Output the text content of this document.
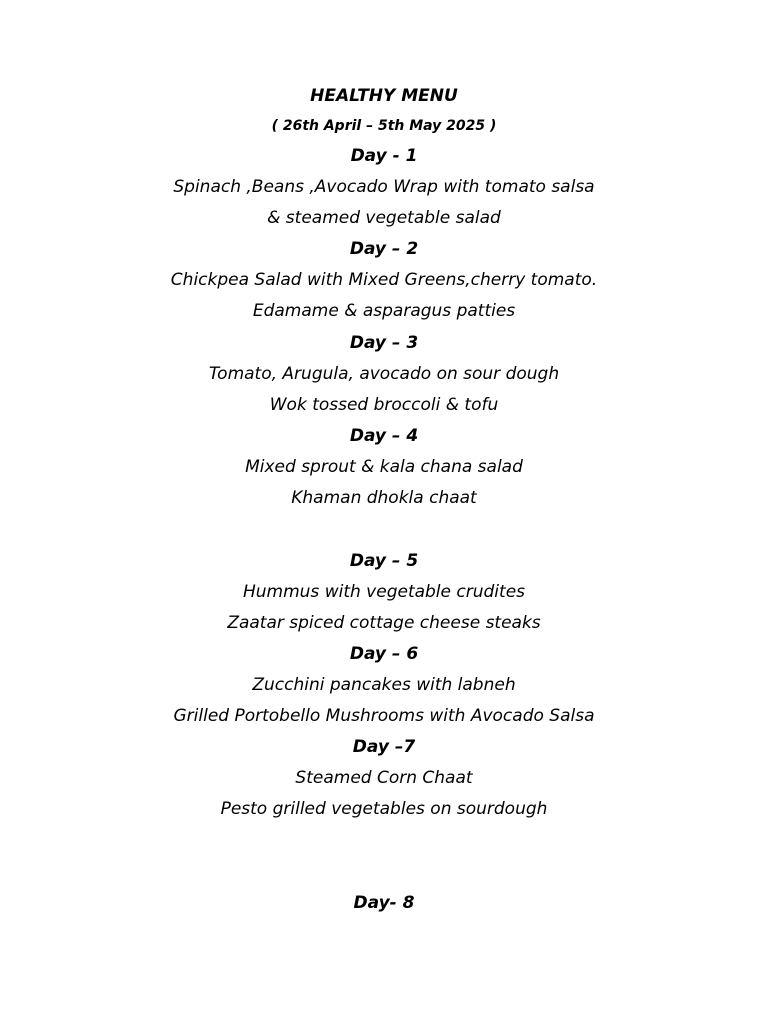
HEALTHY MENU
( 26th April – 5th May 2025 )
Day - 1
Spinach ,Beans ,Avocado Wrap with tomato salsa
& steamed vegetable salad
Day – 2
Chickpea Salad with Mixed Greens,cherry tomato.
Edamame & asparagus patties
Day – 3
Tomato, Arugula, avocado on sour dough
Wok tossed broccoli & tofu
Day – 4
Mixed sprout & kala chana salad
Khaman dhokla chaat
Day – 5
Hummus with vegetable crudites
Zaatar spiced cottage cheese steaks
Day – 6
Zucchini pancakes with labneh
Grilled Portobello Mushrooms with Avocado Salsa
Day –7
Steamed Corn Chaat
Pesto grilled vegetables on sourdough
Day- 8
